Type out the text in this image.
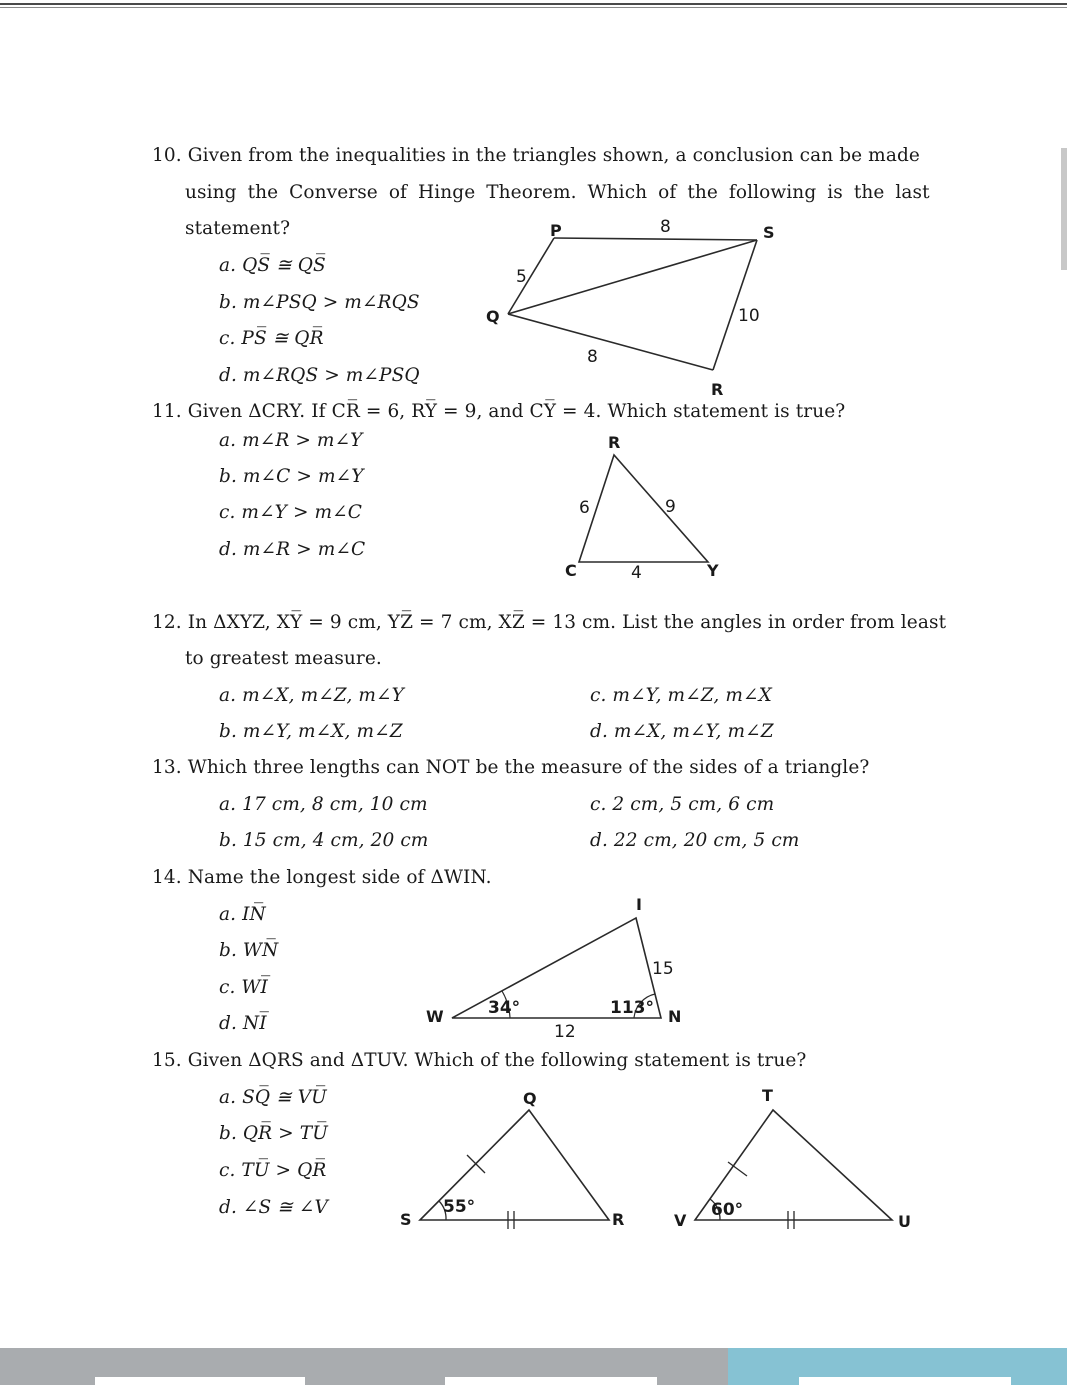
10. Given from the inequalities in the triangles shown, a conclusion can be made
using the Converse of Hinge Theorem. Which of the following is the last
statement?
a. QS̅ ≅ QS̅
b. m∠PSQ > m∠RQS
c. PS̅ ≅ QR̅
d. m∠RQS > m∠PSQ
P	S
Q
R
8
5
8
10
11. Given ΔCRY. If CR̅ = 6, RY̅ = 9, and CY̅ = 4. Which statement is true?
a. m∠R > m∠Y
b. m∠C > m∠Y
c. m∠Y > m∠C
d. m∠R > m∠C
R
C	Y
6	9
4
12. In ΔXYZ, XY̅ = 9 cm, YZ̅ = 7 cm, XZ̅ = 13 cm. List the angles in order from least
to greatest measure.
a. m∠X, m∠Z, m∠Y
b. m∠Y, m∠X, m∠Z
c. m∠Y, m∠Z, m∠X
d. m∠X, m∠Y, m∠Z
13. Which three lengths can NOT be the measure of the sides of a triangle?
a. 17 cm, 8 cm, 10 cm
b. 15 cm, 4 cm, 20 cm
c. 2 cm, 5 cm, 6 cm
d. 22 cm, 20 cm, 5 cm
14. Name the longest side of ΔWIN.
a. IN̅
b. WN̅
c. WI̅
d. NI̅
I
W	N
15
12
34°	113°
15. Given ΔQRS and ΔTUV. Which of the following statement is true?
a. SQ̅ ≅ VU̅
b. QR̅ > TU̅
c. TU̅ > QR̅
d. ∠S ≅ ∠V
Q
S	R
T
V	U
55°	60°
